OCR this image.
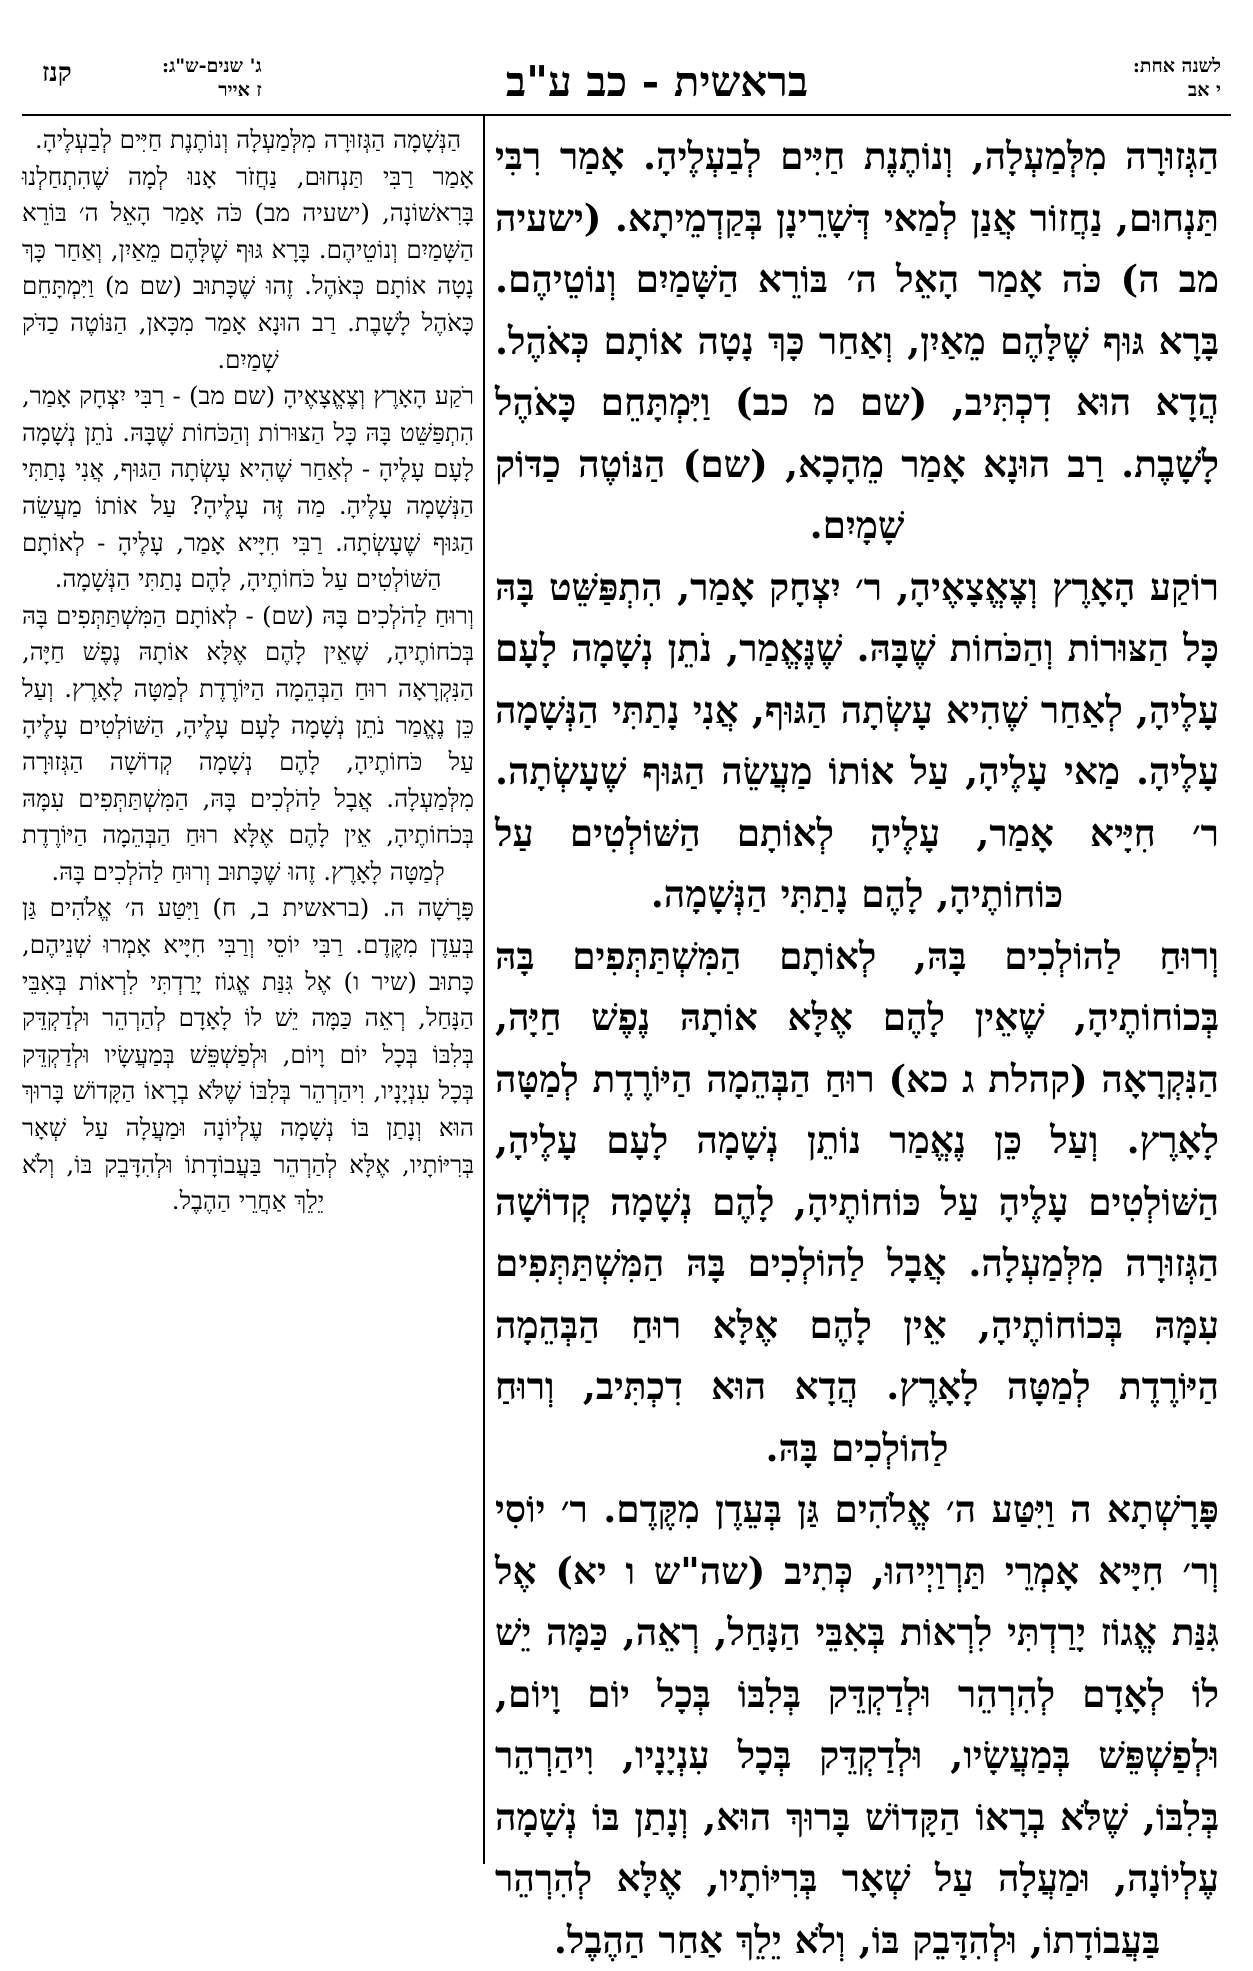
לשנה אחת:
י אב
בראשית - כב ע"ב
ג' שנים-ש"ג:
ז אייר
קנז

הַגְּזוּרָה מִלְּמַעְלָה, וְנוֹתֶנֶת חַיִּים לְבַעְלֶיהָ. אָמַר רִבִּי תַּנְחוּם, נַחֲזוֹר אֲנַן לְמַאי דְּשָׁרֵינָן בְּקַדְמֵיתָא. (ישעיה מב ה) כֹּה אָמַר הָאֵל ה׳ בּוֹרֵא הַשָּׁמַיִם וְנוֹטֵיהֶם. בָּרָא גּוּף שֶׁלָּהֶם מֵאַיִן, וְאַחַר כָּךְ נָטָה אוֹתָם כְּאֹהֶל. הֲדָא הוּא דִכְתִּיב, (שם מ כב) וַיִּמְתָּחֵם כָּאֹהֶל לָשָׁבֶת. רַב הוּנָא אָמַר מֵהָכָא, (שם) הַנּוֹטֶה כַדּוֹק שָׁמָיִם.

רוֹקַע הָאָרֶץ וְצֶאֱצָאֶיהָ, ר׳ יִצְחָק אָמַר, הִתְפַּשֵּׁט בָּהּ כָּל הַצּוּרוֹת וְהַכֹּחוֹת שֶׁבָּהּ. שֶׁנֶּאֱמַר, נֹתֵן נְשָׁמָה לָעָם עָלֶיהָ, לְאַחַר שֶׁהִיא עָשְׂתָה הַגּוּף, אֲנִי נָתַתִּי הַנְּשָׁמָה עָלֶיהָ. מַאי עָלֶיהָ, עַל אוֹתוֹ מַעֲשֵׂה הַגּוּף שֶׁעָשְׂתָה. ר׳ חִיָּיא אָמַר, עָלֶיהָ לְאוֹתָם הַשּׁוֹלְטִים עַל כּוֹחוֹתֶיהָ, לָהֶם נָתַתִּי הַנְּשָׁמָה.

וְרוּחַ לַהוֹלְכִים בָּהּ, לְאוֹתָם הַמִּשְׁתַּתְּפִים בָּהּ בְּכוֹחוֹתֶיהָ, שֶׁאֵין לָהֶם אֶלָּא אוֹתָהּ נֶפֶשׁ חַיָּה, הַנִּקְרָאָה (קהלת ג כא) רוּחַ הַבְּהֵמָה הַיּוֹרֶדֶת לְמַטָּה לָאָרֶץ. וְעַל כֵּן נֶאֱמַר נוֹתֵן נְשָׁמָה לָעָם עָלֶיהָ, הַשּׁוֹלְטִים עָלֶיהָ עַל כּוֹחוֹתֶיהָ, לָהֶם נְשָׁמָה קְדוֹשָׁה הַגְּזוּרָה מִלְּמַעְלָה. אֲבָל לַהוֹלְכִים בָּהּ הַמִּשְׁתַּתְּפִים עִמָּהּ בְּכוֹחוֹתֶיהָ, אֵין לָהֶם אֶלָּא רוּחַ הַבְּהֵמָה הַיּוֹרֶדֶת לְמַטָּה לָאָרֶץ. הֲדָא הוּא דִכְתִּיב, וְרוּחַ לַהוֹלְכִים בָּהּ.

פָּרָשְׁתָא ה וַיִּטַּע ה׳ אֱלֹהִים גַּן בְּעֵדֶן מִקֶּדֶם. ר׳ יוֹסִי וְר׳ חִיָּיא אָמְרֵי תַּרְוַיְיהוּ, כְּתִיב (שה"ש ו יא) אֶל גִּנַּת אֱגוֹז יָרַדְתִּי לִרְאוֹת בְּאִבֵּי הַנָּחַל, רְאֵה, כַּמָּה יֵשׁ לוֹ לְאָדָם לְהִרְהֵר וּלְדַקְדֵּק בְּלִבּוֹ בְּכָל יוֹם וָיוֹם, וּלְפַשְׁפֵּשׁ בְּמַעֲשָׂיו, וּלְדַקְדֵּק בְּכָל עִנְיָנָיו, וִיהַרְהֵר בְּלִבּוֹ, שֶׁלֹּא בְרָאוֹ הַקָּדוֹשׁ בָּרוּךְ הוּא, וְנָתַן בּוֹ נְשָׁמָה עֶלְיוֹנָה, וּמַעֲלָה עַל שְׁאָר בְּרִיּוֹתָיו, אֶלָּא לְהִרְהֵר בַּעֲבוֹדָתוֹ, וּלְהִדָּבֵק בּוֹ, וְלֹא יֵלֵךְ אַחַר הַהֶבֶל.

הַנְּשָׁמָה הַגְּזוּרָה מִלְּמַעְלָה וְנוֹתֶנֶת חַיִּים לְבַעְלֶיהָ.

אָמַר רַבִּי תַּנְחוּם, נַחֲזֹר אָנוּ לְמָה שֶׁהִתְחַלְנוּ בָּרִאשׁוֹנָה, (ישעיה מב) כֹּה אָמַר הָאֵל ה׳ בּוֹרֵא הַשָּׁמַיִם וְנוֹטֵיהֶם. בָּרָא גּוּף שֶׁלָּהֶם מֵאַיִן, וְאַחַר כָּךְ נָטָה אוֹתָם כְּאֹהֶל. זֶהוּ שֶׁכָּתוּב (שם מ) וַיִּמְתָּחֵם כָּאֹהֶל לָשָׁבֶת. רַב הוּנָא אָמַר מִכָּאן, הַנּוֹטֶה כַדֹּק שָׁמַיִם.

רֹקַע הָאָרֶץ וְצֶאֱצָאֶיהָ (שם מב) - רַבִּי יִצְחָק אָמַר, הִתְפַּשֵּׁט בָּהּ כָּל הַצּוּרוֹת וְהַכֹּחוֹת שֶׁבָּהּ. נֹתֵן נְשָׁמָה לָעָם עָלֶיהָ - לְאַחַר שֶׁהִיא עָשְׂתָה הַגּוּף, אֲנִי נָתַתִּי הַנְּשָׁמָה עָלֶיהָ. מַה זֶּה עָלֶיהָ? עַל אוֹתוֹ מַעֲשֵׂה הַגּוּף שֶׁעָשְׂתָה. רַבִּי חִיָּיא אָמַר, עָלֶיהָ - לְאוֹתָם הַשּׁוֹלְטִים עַל כֹּחוֹתֶיהָ, לָהֶם נָתַתִּי הַנְּשָׁמָה.

וְרוּחַ לַהֹלְכִים בָּהּ (שם) - לְאוֹתָם הַמִּשְׁתַּתְּפִים בָּהּ בְּכֹחוֹתֶיהָ, שֶׁאֵין לָהֶם אֶלָּא אוֹתָהּ נֶפֶשׁ חַיָּה, הַנִּקְרָאָה רוּחַ הַבְּהֵמָה הַיּוֹרֶדֶת לְמַטָּה לָאָרֶץ. וְעַל כֵּן נֶאֱמַר נֹתֵן נְשָׁמָה לָעָם עָלֶיהָ, הַשּׁוֹלְטִים עָלֶיהָ עַל כֹּחוֹתֶיהָ, לָהֶם נְשָׁמָה קְדוֹשָׁה הַגְּזוּרָה מִלְּמַעְלָה. אֲבָל לַהֹלְכִים בָּהּ, הַמִּשְׁתַּתְּפִים עִמָּהּ בְּכֹחוֹתֶיהָ, אֵין לָהֶם אֶלָּא רוּחַ הַבְּהֵמָה הַיּוֹרֶדֶת לְמַטָּה לָאָרֶץ. זֶהוּ שֶׁכָּתוּב וְרוּחַ לַהֹלְכִים בָּהּ.

פָּרָשָׁה ה. (בראשית ב, ח) וַיִּטַּע ה׳ אֱלֹהִים גַּן בְּעֵדֶן מִקֶּדֶם. רַבִּי יוֹסֵי וְרַבִּי חִיָּיא אָמְרוּ שְׁנֵיהֶם, כָּתוּב (שיר ו) אֶל גִּנַּת אֱגוֹז יָרַדְתִּי לִרְאוֹת בְּאִבֵּי הַנָּחַל, רְאֵה כַּמָּה יֵשׁ לוֹ לָאָדָם לְהַרְהֵר וּלְדַקְדֵּק בְּלִבּוֹ בְּכָל יוֹם וָיוֹם, וּלְפַשְׁפֵּשׁ בְּמַעֲשָׂיו וּלְדַקְדֵּק בְּכָל עִנְיָנָיו, וִיהַרְהֵר בְּלִבּוֹ שֶׁלֹּא בְרָאוֹ הַקָּדוֹשׁ בָּרוּךְ הוּא וְנָתַן בּוֹ נְשָׁמָה עֶלְיוֹנָה וּמַעֲלָה עַל שְׁאָר בְּרִיּוֹתָיו, אֶלָּא לְהַרְהֵר בַּעֲבוֹדָתוֹ וּלְהִדָּבֵק בּוֹ, וְלֹא יֵלֵךְ אַחֲרֵי הַהֶבֶל.
